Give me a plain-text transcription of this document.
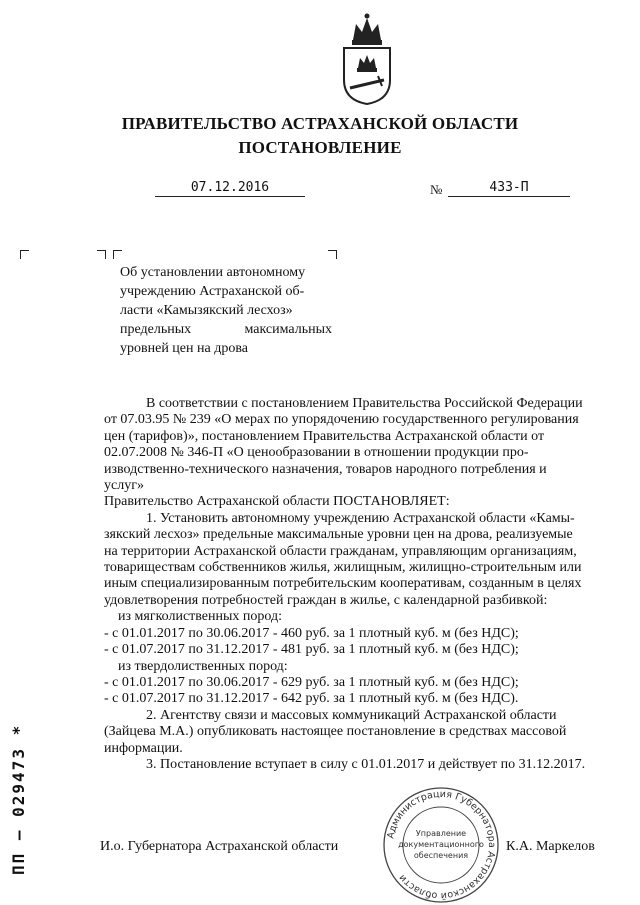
ПРАВИТЕЛЬСТВО АСТРАХАНСКОЙ ОБЛАСТИ
ПОСТАНОВЛЕНИЕ
07.12.2016	№	433-П
Об установлении автономному
учреждению Астраханской об-
ласти «Камызякский лесхоз»
предельных	максимальных
уровней цен на дрова
В соответствии с постановлением Правительства Российской Федерации
от 07.03.95 № 239 «О мерах по упорядочению государственного регулирования
цен (тарифов)», постановлением Правительства Астраханской области от
02.07.2008 № 346-П «О ценообразовании в отношении продукции про-
изводственно-технического назначения, товаров народного потребления и
услуг»
Правительство Астраханской области ПОСТАНОВЛЯЕТ:
1. Установить автономному учреждению Астраханской области «Камы-
зякский лесхоз» предельные максимальные уровни цен на дрова, реализуемые
на территории Астраханской области гражданам, управляющим организациям,
товариществам собственников жилья, жилищным, жилищно-строительным или
иным специализированным потребительским кооперативам, созданным в целях
удовлетворения потребностей граждан в жилье, с календарной разбивкой:
из мягколиственных пород:
- с 01.01.2017 по 30.06.2017 - 460 руб. за 1 плотный куб. м (без НДС);
- с 01.07.2017 по 31.12.2017 - 481 руб. за 1 плотный куб. м (без НДС);
из твердолиственных пород:
- с 01.01.2017 по 30.06.2017 - 629 руб. за 1 плотный куб. м (без НДС);
- с 01.07.2017 по 31.12.2017 - 642 руб. за 1 плотный куб. м (без НДС).
2. Агентству связи и массовых коммуникаций Астраханской области
(Зайцева М.А.) опубликовать настоящее постановление в средствах массовой
информации.
3. Постановление вступает в силу с 01.01.2017 и действует по 31.12.2017.
ПП – 029473 *	И.о. Губернатора Астраханской области	К.А. Маркелов
Администрация Губернатора Астраханской области
Управление
документационного
обеспечения
